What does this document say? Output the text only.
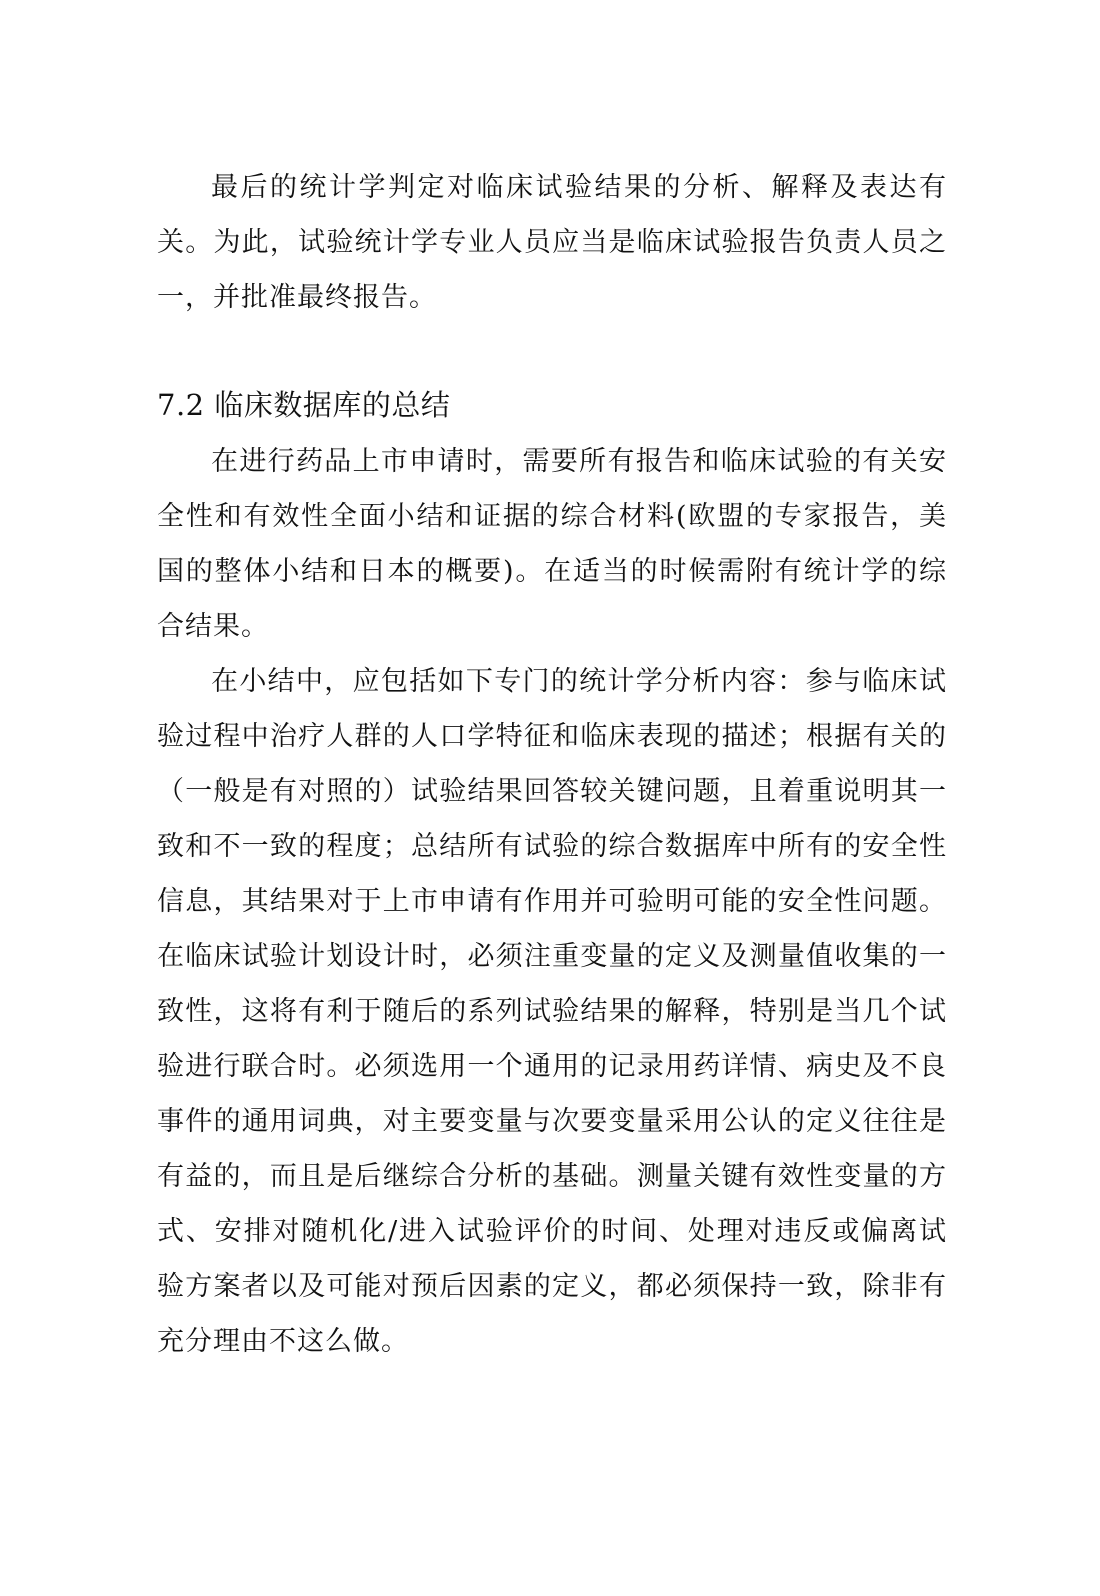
最后的统计学判定对临床试验结果的分析、解释及表达有关。为此，试验统计学专业人员应当是临床试验报告负责人员之一，并批准最终报告。

7.2 临床数据库的总结

在进行药品上市申请时，需要所有报告和临床试验的有关安全性和有效性全面小结和证据的综合材料(欧盟的专家报告，美国的整体小结和日本的概要)。在适当的时候需附有统计学的综合结果。

在小结中，应包括如下专门的统计学分析内容：参与临床试验过程中治疗人群的人口学特征和临床表现的描述；根据有关的（一般是有对照的）试验结果回答较关键问题，且着重说明其一致和不一致的程度；总结所有试验的综合数据库中所有的安全性信息，其结果对于上市申请有作用并可验明可能的安全性问题。在临床试验计划设计时，必须注重变量的定义及测量值收集的一致性，这将有利于随后的系列试验结果的解释，特别是当几个试验进行联合时。必须选用一个通用的记录用药详情、病史及不良事件的通用词典，对主要变量与次要变量采用公认的定义往往是有益的，而且是后继综合分析的基础。测量关键有效性变量的方式、安排对随机化/进入试验评价的时间、处理对违反或偏离试验方案者以及可能对预后因素的定义，都必须保持一致，除非有充分理由不这么做。
